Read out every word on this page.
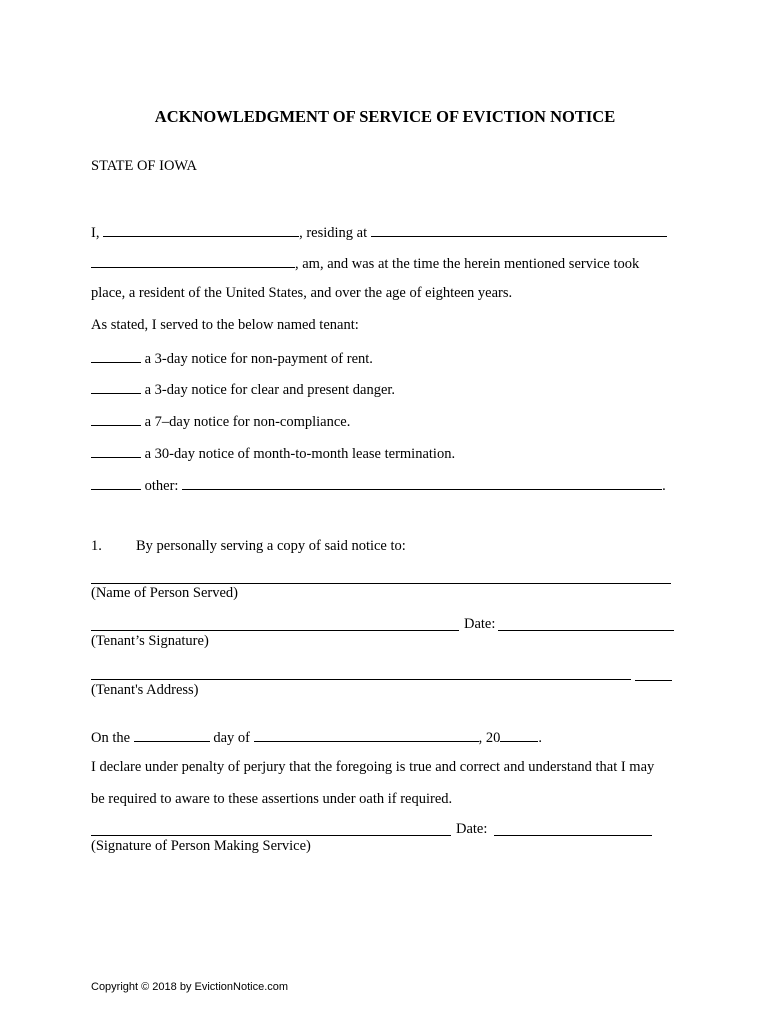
ACKNOWLEDGMENT OF SERVICE OF EVICTION NOTICE
STATE OF IOWA
I,	, residing at
, am, and was at the time the herein mentioned service took
place, a resident of the United States, and over the age of eighteen years.
As stated, I served to the below named tenant:
a 3-day notice for non-payment of rent.
a 3-day notice for clear and present danger.
a 7–day notice for non-compliance.
a 30-day notice of month-to-month lease termination.
other:	.
1. By personally serving a copy of said notice to:
(Name of Person Served)
Date:
(Tenant’s Signature)
(Tenant's Address)
On the	day of	, 20	.
I declare under penalty of perjury that the foregoing is true and correct and understand that I may
be required to aware to these assertions under oath if required.
Date:
(Signature of Person Making Service)
Copyright © 2018 by EvictionNotice.com
